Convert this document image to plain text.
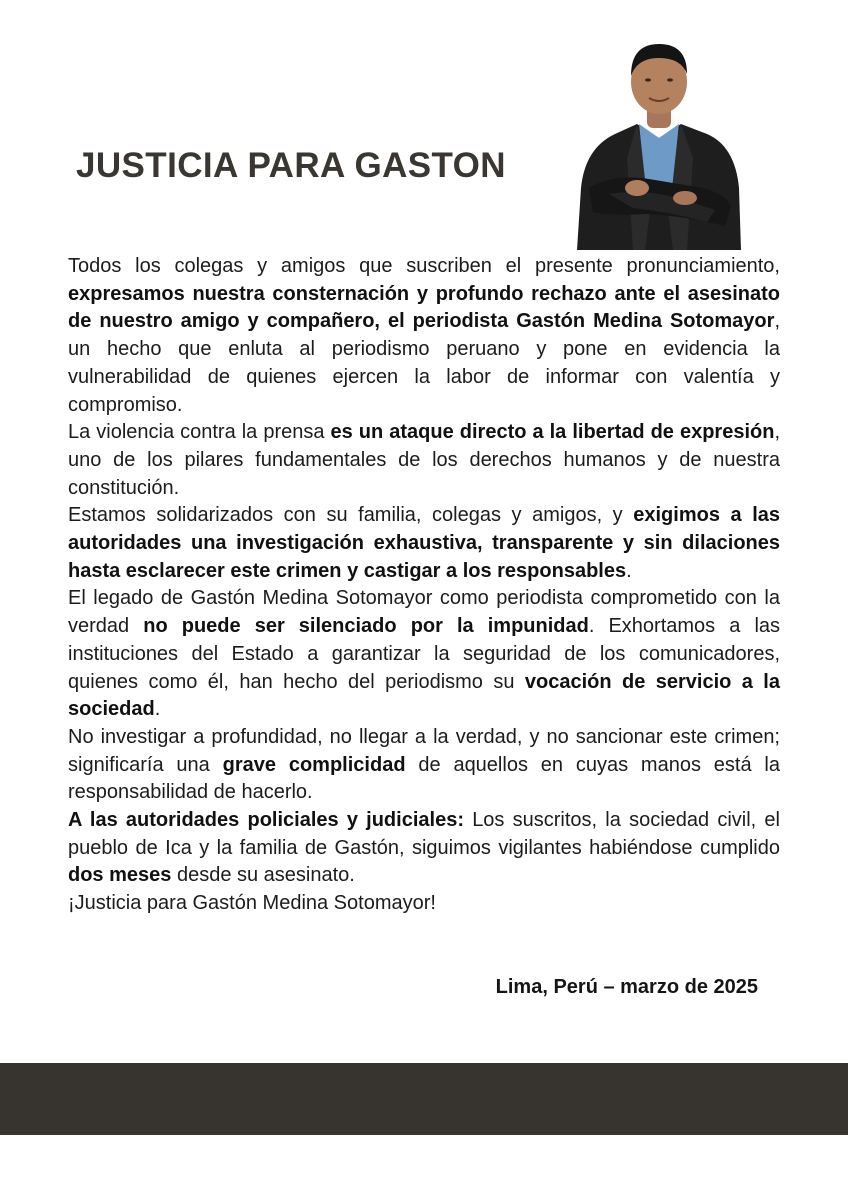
JUSTICIA PARA GASTON

Todos los colegas y amigos que suscriben el presente pronunciamiento, expresamos nuestra consternación y profundo rechazo ante el asesinato de nuestro amigo y compañero, el periodista Gastón Medina Sotomayor, un hecho que enluta al periodismo peruano y pone en evidencia la vulnerabilidad de quienes ejercen la labor de informar con valentía y compromiso.

La violencia contra la prensa es un ataque directo a la libertad de expresión, uno de los pilares fundamentales de los derechos humanos y de nuestra constitución.

Estamos solidarizados con su familia, colegas y amigos, y exigimos a las autoridades una investigación exhaustiva, transparente y sin dilaciones hasta esclarecer este crimen y castigar a los responsables.

El legado de Gastón Medina Sotomayor como periodista comprometido con la verdad no puede ser silenciado por la impunidad. Exhortamos a las instituciones del Estado a garantizar la seguridad de los comunicadores, quienes como él, han hecho del periodismo su vocación de servicio a la sociedad.

No investigar a profundidad, no llegar a la verdad, y no sancionar este crimen; significaría una grave complicidad de aquellos en cuyas manos está la responsabilidad de hacerlo.

A las autoridades policiales y judiciales: Los suscritos, la sociedad civil, el pueblo de Ica y la familia de Gastón, siguimos vigilantes habiéndose cumplido dos meses desde su asesinato.

¡Justicia para Gastón Medina Sotomayor!

Lima, Perú – marzo de 2025
